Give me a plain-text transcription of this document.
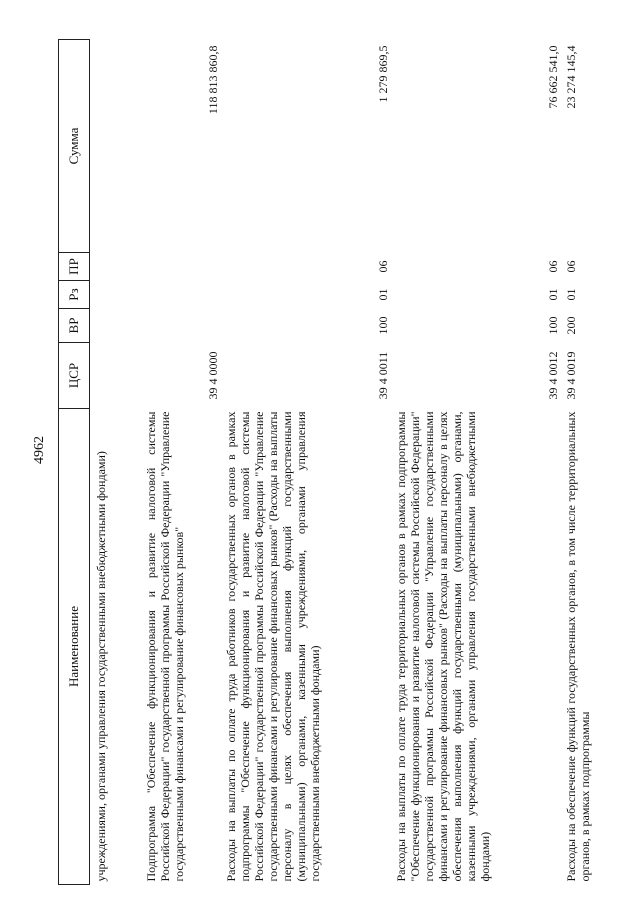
4962
Наименование	ЦСР	ВР	Рз	ПР	Сумма
учреждениями, органами управления государственными внебюджетными фондами)					
Подпрограмма "Обеспечение функционирования и развитие налоговой системы Российской Федерации" государственной программы Российской Федерации "Управление государственными финансами и регулирование финансовых рынков"	39 4 0000				118 813 860,8
Расходы на выплаты по оплате труда работников государственных органов в рамках подпрограммы "Обеспечение функционирования и развитие налоговой системы Российской Федерации" государственной программы Российской Федерации "Управление государственными финансами и регулирование финансовых рынков" (Расходы на выплаты персоналу в целях обеспечения выполнения функций государственными (муниципальными) органами, казенными учреждениями, органами управления государственными внебюджетными фондами)	39 4 0011	100	01	06	1 279 869,5
Расходы на выплаты по оплате труда территориальных органов в рамках подпрограммы "Обеспечение функционирования и развитие налоговой системы Российской Федерации" государственной программы Российской Федерации "Управление государственными финансами и регулирование финансовых рынков" (Расходы на выплаты персоналу в целях обеспечения выполнения функций государственными (муниципальными) органами, казенными учреждениями, органами управления государственными внебюджетными фондами)	39 4 0012	100	01	06	76 662 541,0
Расходы на обеспечение функций государственных органов, в том числе территориальных органов, в рамках подпрограммы	39 4 0019	200	01	06	23 274 145,4
